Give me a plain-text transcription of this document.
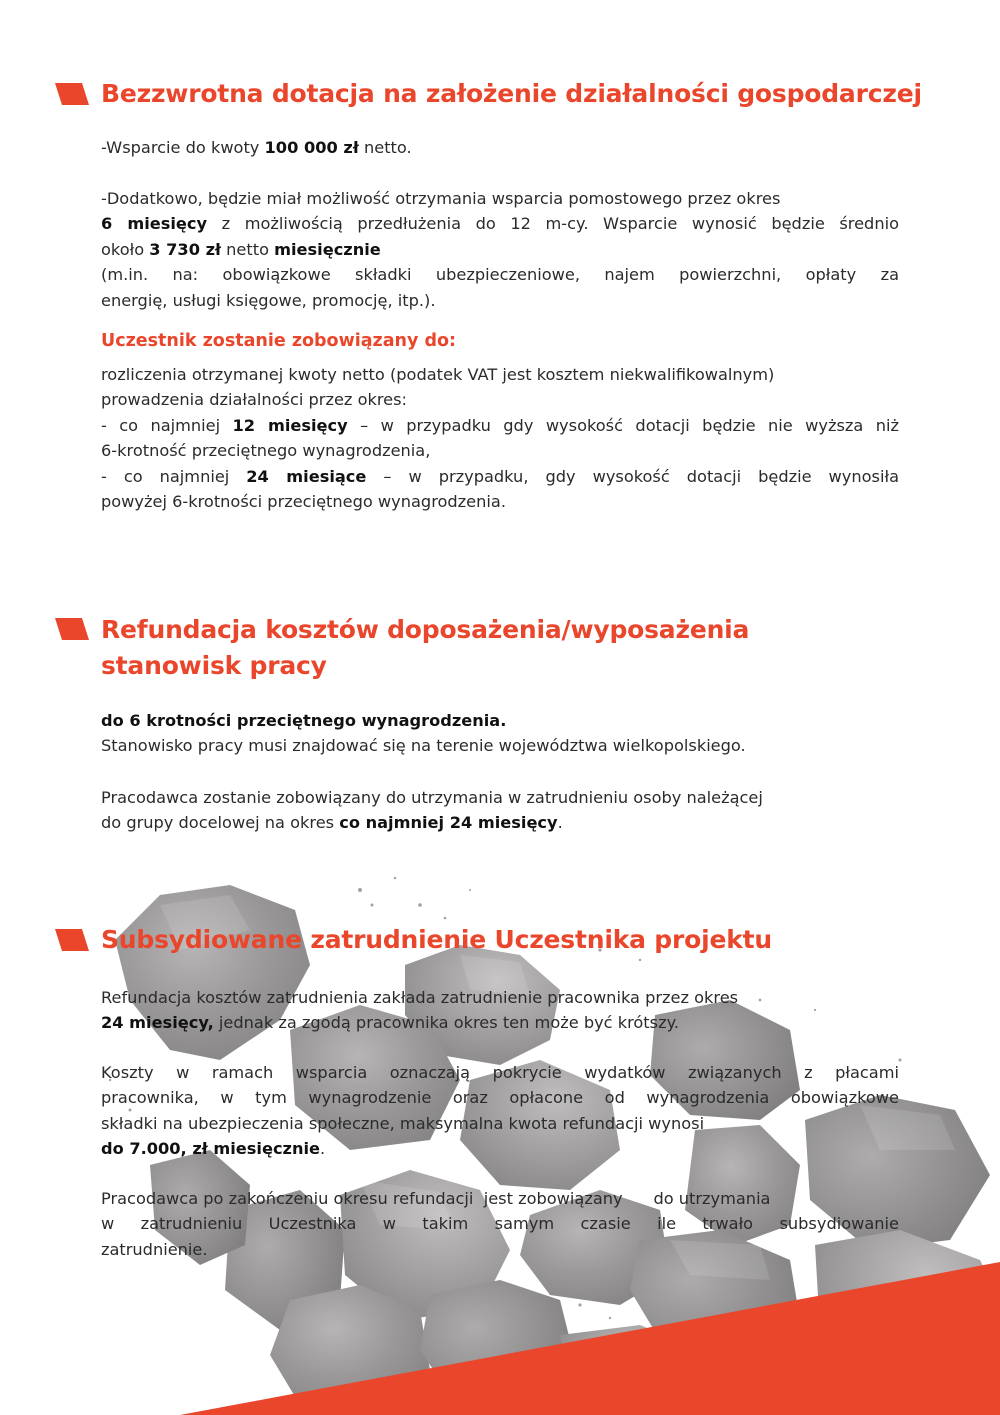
Bezzwrotna dotacja na założenie działalności gospodarczej

-Wsparcie do kwoty 100 000 zł netto.

-Dodatkowo, będzie miał możliwość otrzymania wsparcia pomostowego przez okres
6 miesięcy z możliwością przedłużenia do 12 m-cy. Wsparcie wynosić będzie średnio
około 3 730 zł netto miesięcznie
(m.in. na: obowiązkowe składki ubezpieczeniowe, najem powierzchni, opłaty za
energię, usługi księgowe, promocję, itp.).
Uczestnik zostanie zobowiązany do:
rozliczenia otrzymanej kwoty netto (podatek VAT jest kosztem niekwalifikowalnym)
prowadzenia działalności przez okres:
- co najmniej 12 miesięcy – w przypadku gdy wysokość dotacji będzie nie wyższa niż
6-krotność przeciętnego wynagrodzenia,
- co najmniej 24 miesiące – w przypadku, gdy wysokość dotacji będzie wynosiła
powyżej 6-krotności przeciętnego wynagrodzenia.
Refundacja kosztów doposażenia/wyposażenia
stanowisk pracy
do 6 krotności przeciętnego wynagrodzenia.
Stanowisko pracy musi znajdować się na terenie województwa wielkopolskiego.
Pracodawca zostanie zobowiązany do utrzymania w zatrudnieniu osoby należącej
do grupy docelowej na okres co najmniej 24 miesięcy.
Subsydiowane zatrudnienie Uczestnika projektu
Refundacja kosztów zatrudnienia zakłada zatrudnienie pracownika przez okres
24 miesięcy, jednak za zgodą pracownika okres ten może być krótszy.
Koszty w ramach wsparcia oznaczają pokrycie wydatków związanych z płacami
pracownika, w tym wynagrodzenie oraz opłacone od wynagrodzenia obowiązkowe
składki na ubezpieczenia społeczne, maksymalna kwota refundacji wynosi
do 7.000, zł miesięcznie.
Pracodawca po zakończeniu okresu refundacji  jest zobowiązany      do utrzymania
w zatrudnieniu Uczestnika w takim samym czasie ile trwało subsydiowanie
zatrudnienie.
